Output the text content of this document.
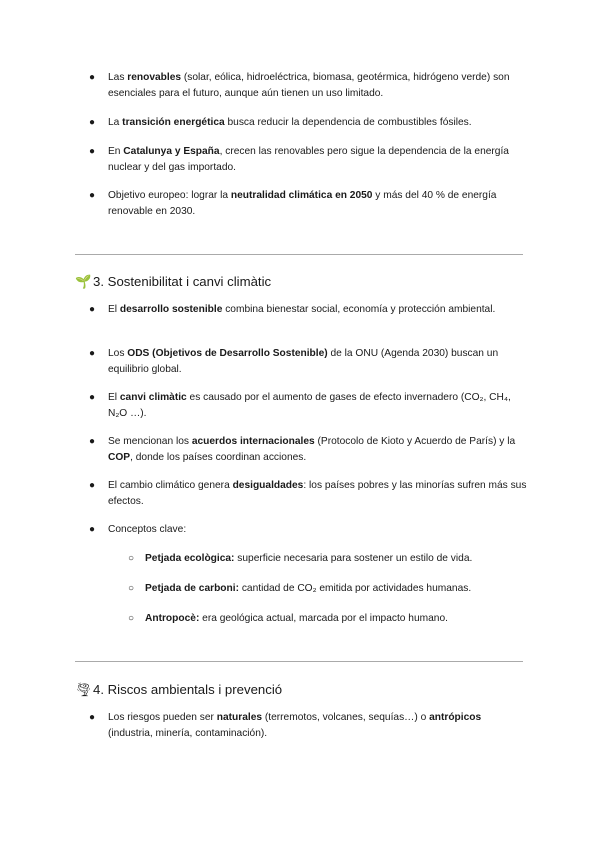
● Las renovables (solar, eólica, hidroeléctrica, biomasa, geotérmica, hidrógeno verde) son esenciales para el futuro, aunque aún tienen un uso limitado.
● La transición energética busca reducir la dependencia de combustibles fósiles.
● En Catalunya y España, crecen las renovables pero sigue la dependencia de la energía nuclear y del gas importado.
● Objetivo europeo: lograr la neutralidad climática en 2050 y más del 40 % de energía renovable en 2030.
🌱 3. Sostenibilitat i canvi climàtic
● El desarrollo sostenible combina bienestar social, economía y protección ambiental.
● Los ODS (Objetivos de Desarrollo Sostenible) de la ONU (Agenda 2030) buscan un equilibrio global.
● El canvi climàtic es causado por el aumento de gases de efecto invernadero (CO₂, CH₄, N₂O …).
● Se mencionan los acuerdos internacionales (Protocolo de Kioto y Acuerdo de París) y la COP, donde los países coordinan acciones.
● El cambio climático genera desigualdades: los países pobres y las minorías sufren más sus efectos.
● Conceptos clave:
○ Petjada ecològica: superficie necesaria para sostener un estilo de vida.
○ Petjada de carboni: cantidad de CO₂ emitida por actividades humanas.
○ Antropocè: era geológica actual, marcada por el impacto humano.
🌪4. Riscos ambientals i prevenció
● Los riesgos pueden ser naturales (terremotos, volcanes, sequías…) o antrópicos (industria, minería, contaminación).
